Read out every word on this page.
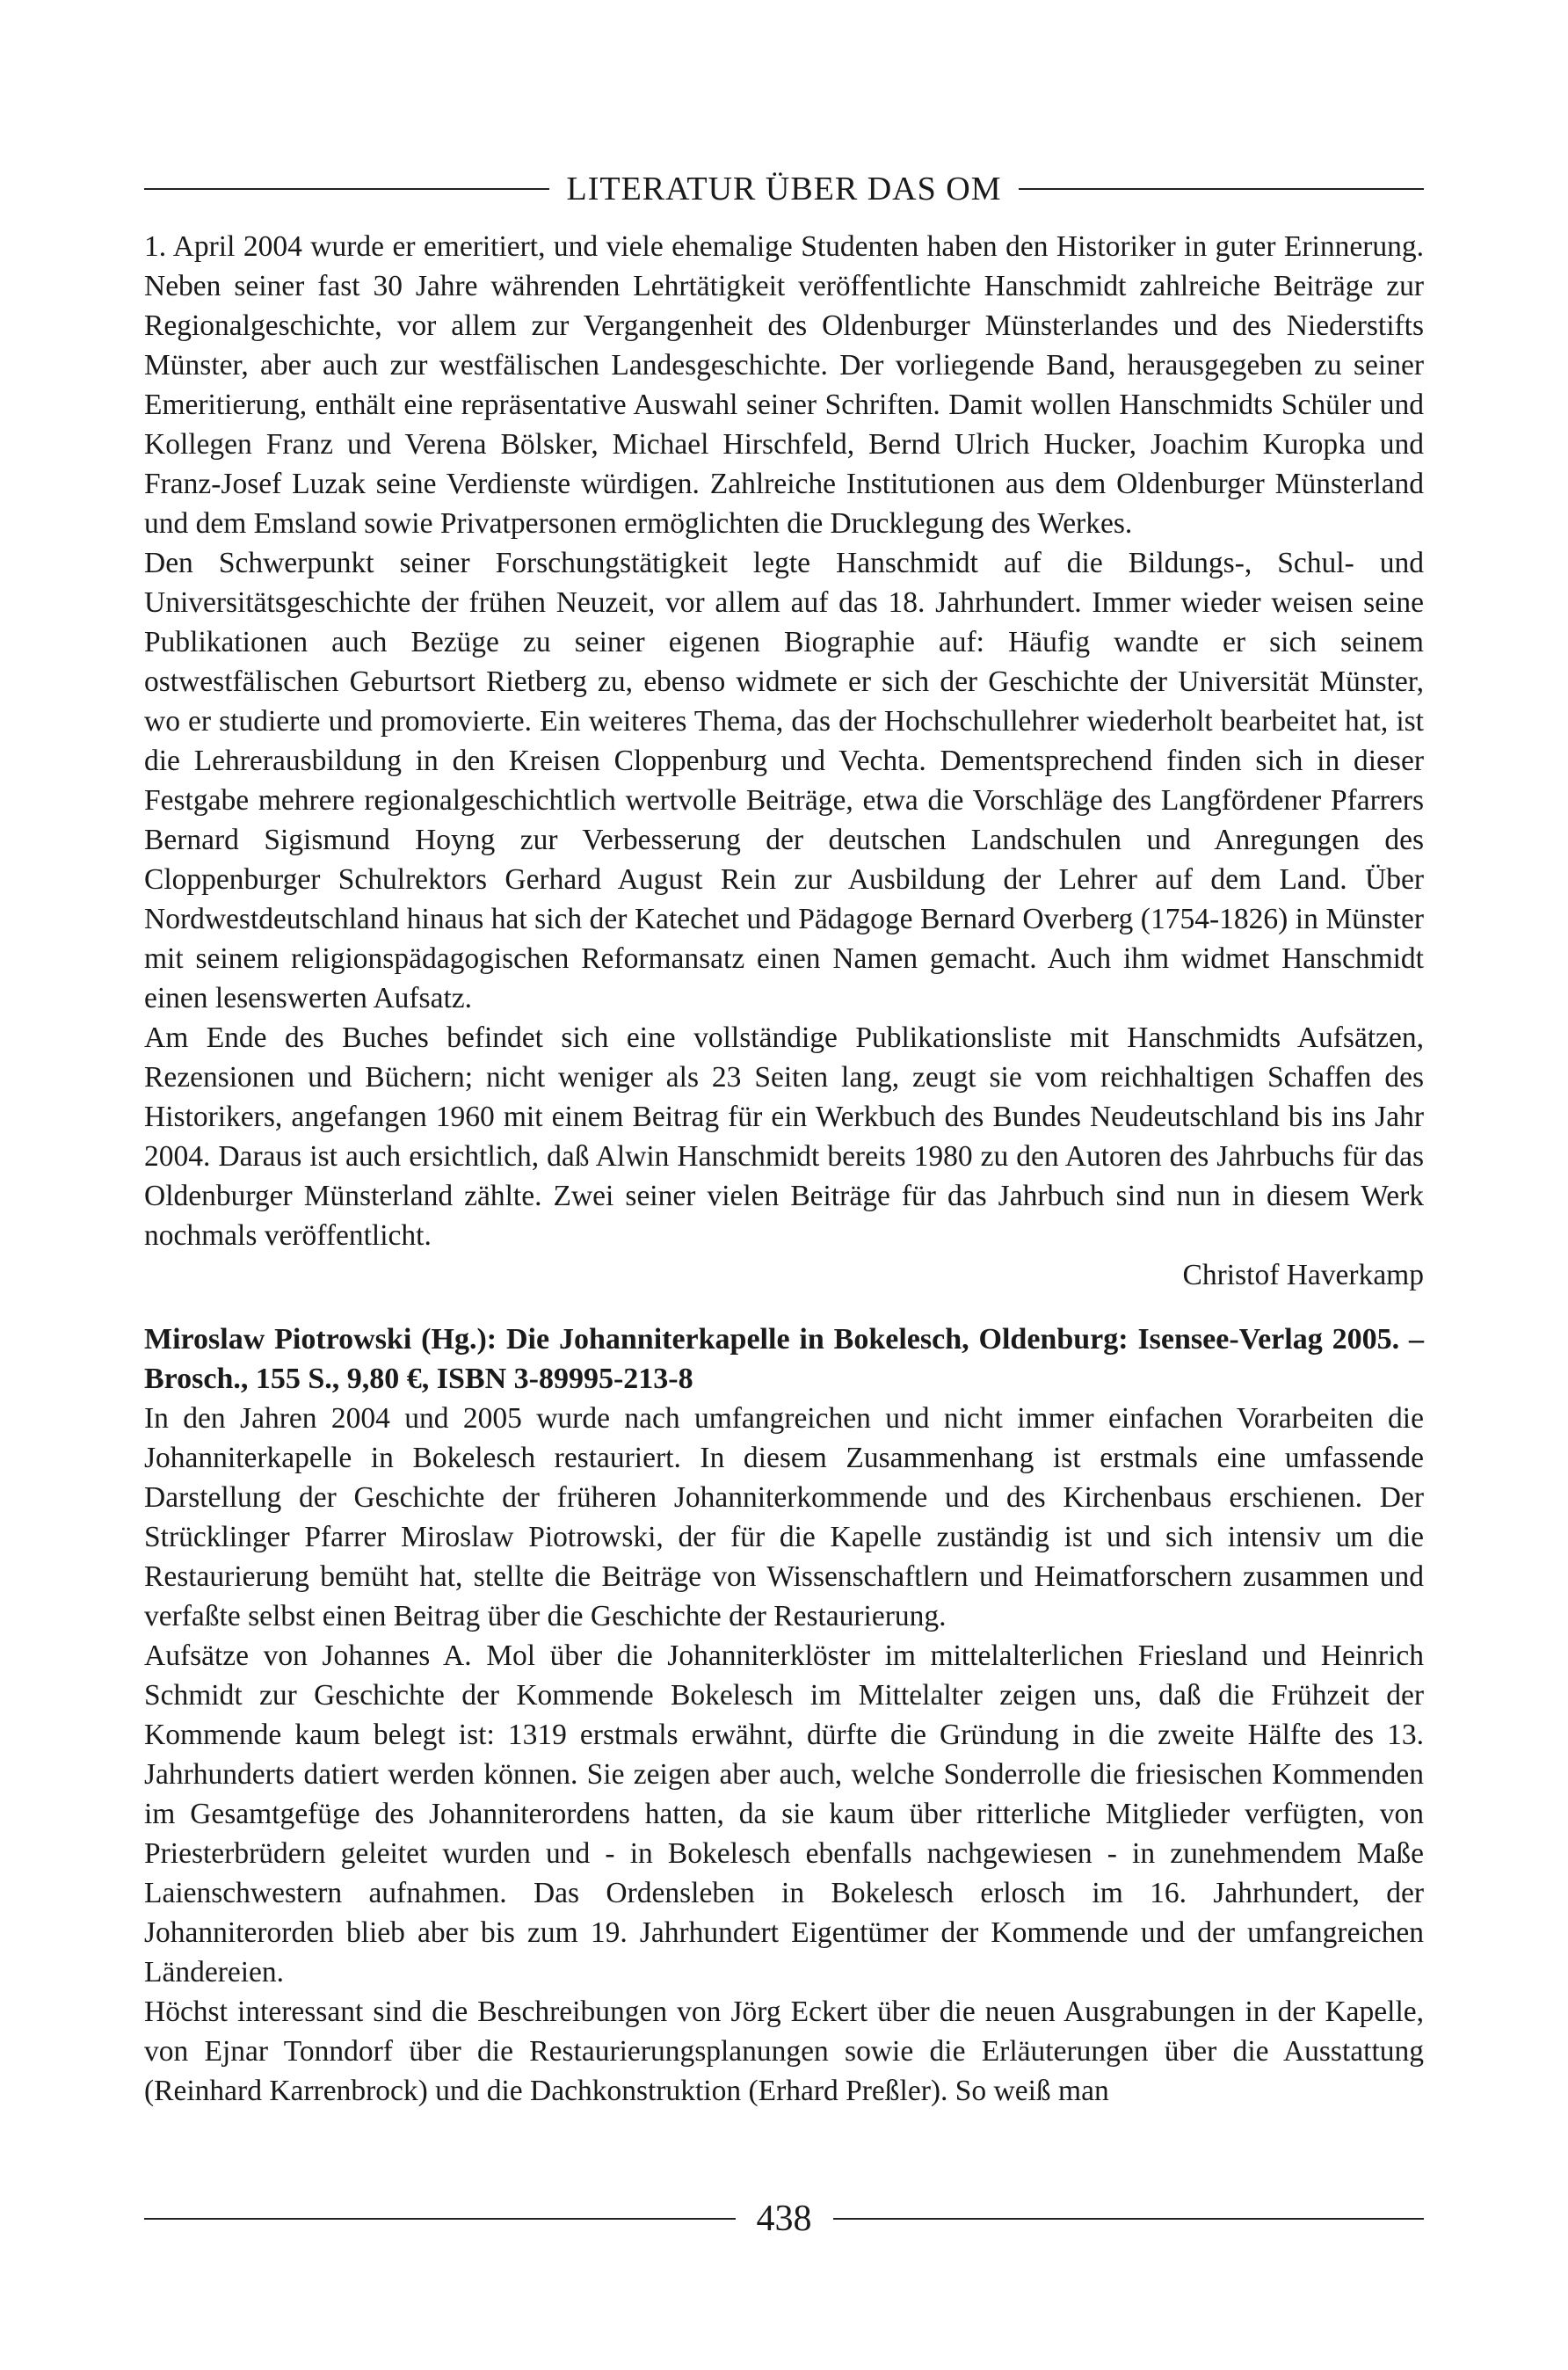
LITERATUR ÜBER DAS OM

1. April 2004 wurde er emeritiert, und viele ehemalige Studenten haben den Historiker in guter Erinnerung. Neben seiner fast 30 Jahre währenden Lehrtätigkeit veröffentlichte Hanschmidt zahlreiche Beiträge zur Regionalgeschichte, vor allem zur Vergangenheit des Oldenburger Münsterlandes und des Niederstifts Münster, aber auch zur westfälischen Landesgeschichte. Der vorliegende Band, herausgegeben zu seiner Emeritierung, enthält eine repräsentative Auswahl seiner Schriften. Damit wollen Hanschmidts Schüler und Kollegen Franz und Verena Bölsker, Michael Hirschfeld, Bernd Ulrich Hucker, Joachim Kuropka und Franz-Josef Luzak seine Verdienste würdigen. Zahlreiche Institutionen aus dem Oldenburger Münsterland und dem Emsland sowie Privatpersonen ermöglichten die Drucklegung des Werkes.

Den Schwerpunkt seiner Forschungstätigkeit legte Hanschmidt auf die Bildungs-, Schul- und Universitätsgeschichte der frühen Neuzeit, vor allem auf das 18. Jahrhundert. Immer wieder weisen seine Publikationen auch Bezüge zu seiner eigenen Biographie auf: Häufig wandte er sich seinem ostwestfälischen Geburtsort Rietberg zu, ebenso widmete er sich der Geschichte der Universität Münster, wo er studierte und promovierte. Ein weiteres Thema, das der Hochschullehrer wiederholt bearbeitet hat, ist die Lehrerausbildung in den Kreisen Cloppenburg und Vechta. Dementsprechend finden sich in dieser Festgabe mehrere regionalgeschichtlich wertvolle Beiträge, etwa die Vorschläge des Langfördener Pfarrers Bernard Sigismund Hoyng zur Verbesserung der deutschen Landschulen und Anregungen des Cloppenburger Schulrektors Gerhard August Rein zur Ausbildung der Lehrer auf dem Land. Über Nordwestdeutschland hinaus hat sich der Katechet und Pädagoge Bernard Overberg (1754-1826) in Münster mit seinem religionspädagogischen Reformansatz einen Namen gemacht. Auch ihm widmet Hanschmidt einen lesenswerten Aufsatz.

Am Ende des Buches befindet sich eine vollständige Publikationsliste mit Hanschmidts Aufsätzen, Rezensionen und Büchern; nicht weniger als 23 Seiten lang, zeugt sie vom reichhaltigen Schaffen des Historikers, angefangen 1960 mit einem Beitrag für ein Werkbuch des Bundes Neudeutschland bis ins Jahr 2004. Daraus ist auch ersichtlich, daß Alwin Hanschmidt bereits 1980 zu den Autoren des Jahrbuchs für das Oldenburger Münsterland zählte. Zwei seiner vielen Beiträge für das Jahrbuch sind nun in diesem Werk nochmals veröffentlicht.

Christof Haverkamp

Miroslaw Piotrowski (Hg.): Die Johanniterkapelle in Bokelesch, Oldenburg: Isensee-Verlag 2005. – Brosch., 155 S., 9,80 €, ISBN 3-89995-213-8

In den Jahren 2004 und 2005 wurde nach umfangreichen und nicht immer einfachen Vorarbeiten die Johanniterkapelle in Bokelesch restauriert. In diesem Zusammenhang ist erstmals eine umfassende Darstellung der Geschichte der früheren Johanniterkommende und des Kirchenbaus erschienen. Der Strücklinger Pfarrer Miroslaw Piotrowski, der für die Kapelle zuständig ist und sich intensiv um die Restaurierung bemüht hat, stellte die Beiträge von Wissenschaftlern und Heimatforschern zusammen und verfaßte selbst einen Beitrag über die Geschichte der Restaurierung.

Aufsätze von Johannes A. Mol über die Johanniterklöster im mittelalterlichen Friesland und Heinrich Schmidt zur Geschichte der Kommende Bokelesch im Mittelalter zeigen uns, daß die Frühzeit der Kommende kaum belegt ist: 1319 erstmals erwähnt, dürfte die Gründung in die zweite Hälfte des 13. Jahrhunderts datiert werden können. Sie zeigen aber auch, welche Sonderrolle die friesischen Kommenden im Gesamtgefüge des Johanniterordens hatten, da sie kaum über ritterliche Mitglieder verfügten, von Priesterbrüdern geleitet wurden und - in Bokelesch ebenfalls nachgewiesen - in zunehmendem Maße Laienschwestern aufnahmen. Das Ordensleben in Bokelesch erlosch im 16. Jahrhundert, der Johanniterorden blieb aber bis zum 19. Jahrhundert Eigentümer der Kommende und der umfangreichen Ländereien.

Höchst interessant sind die Beschreibungen von Jörg Eckert über die neuen Ausgrabungen in der Kapelle, von Ejnar Tonndorf über die Restaurierungsplanungen sowie die Erläuterungen über die Ausstattung (Reinhard Karrenbrock) und die Dachkonstruktion (Erhard Preßler). So weiß man

438
